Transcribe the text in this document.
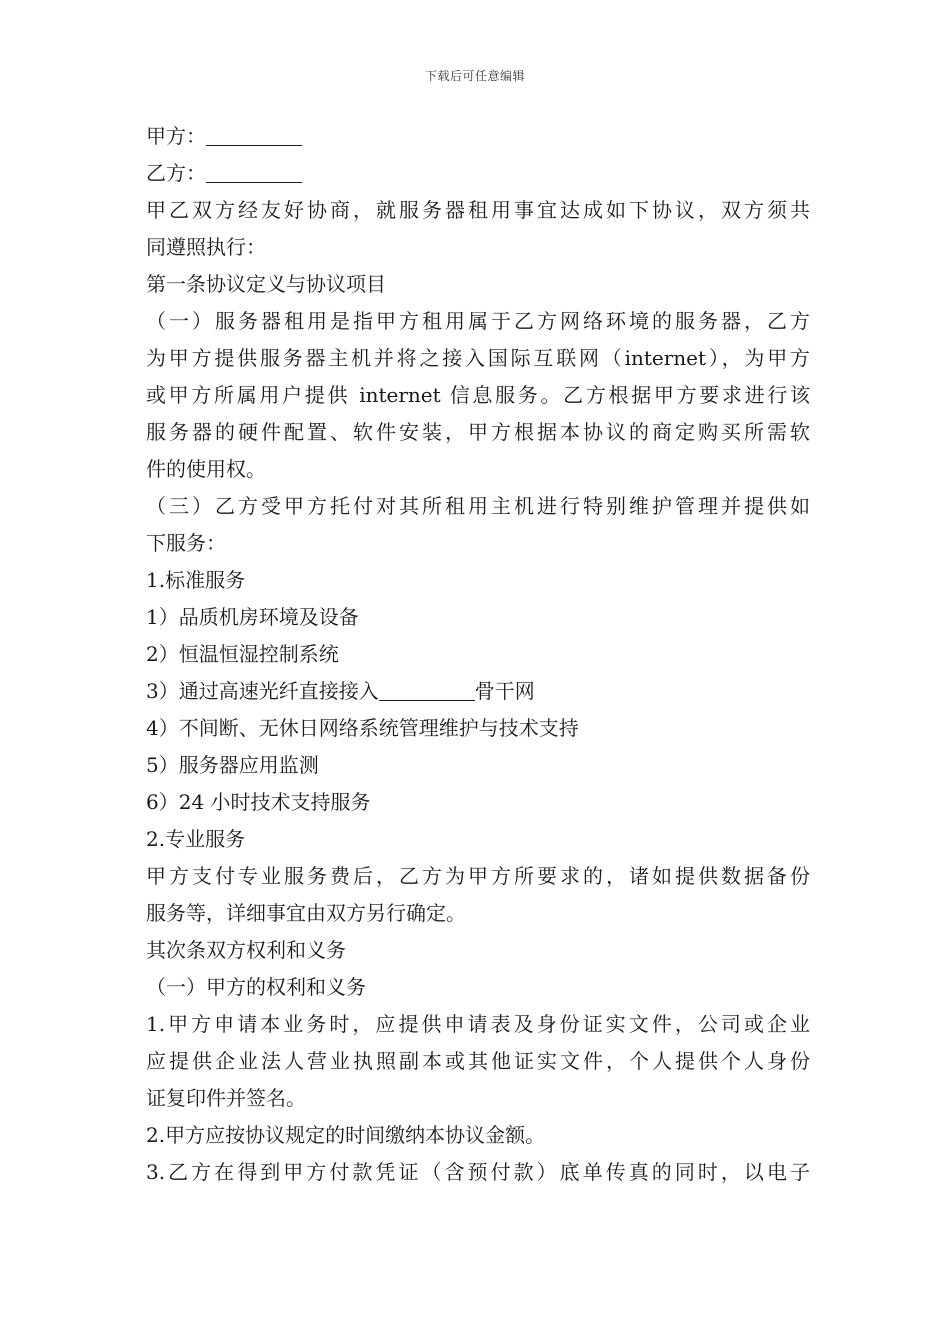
下载后可任意编辑
甲方：
乙方：
甲乙双方经友好协商，就服务器租用事宜达成如下协议，双方须共
同遵照执行：
第一条协议定义与协议项目
（一）服务器租用是指甲方租用属于乙方网络环境的服务器，乙方
为甲方提供服务器主机并将之接入国际互联网（internet），为甲方
或甲方所属用户提供 internet 信息服务。乙方根据甲方要求进行该
服务器的硬件配置、软件安装，甲方根据本协议的商定购买所需软
件的使用权。
（三）乙方受甲方托付对其所租用主机进行特别维护管理并提供如
下服务：
1.标准服务
1）品质机房环境及设备
2）恒温恒湿控制系统
3）通过高速光纤直接接入	骨干网
4）不间断、无休日网络系统管理维护与技术支持
5）服务器应用监测
6）24 小时技术支持服务
2.专业服务
甲方支付专业服务费后，乙方为甲方所要求的，诸如提供数据备份
服务等，详细事宜由双方另行确定。
其次条双方权利和义务
（一）甲方的权利和义务
1.甲方申请本业务时，应提供申请表及身份证实文件，公司或企业
应提供企业法人营业执照副本或其他证实文件，个人提供个人身份
证复印件并签名。
2.甲方应按协议规定的时间缴纳本协议金额。
3.乙方在得到甲方付款凭证（含预付款）底单传真的同时，以电子
